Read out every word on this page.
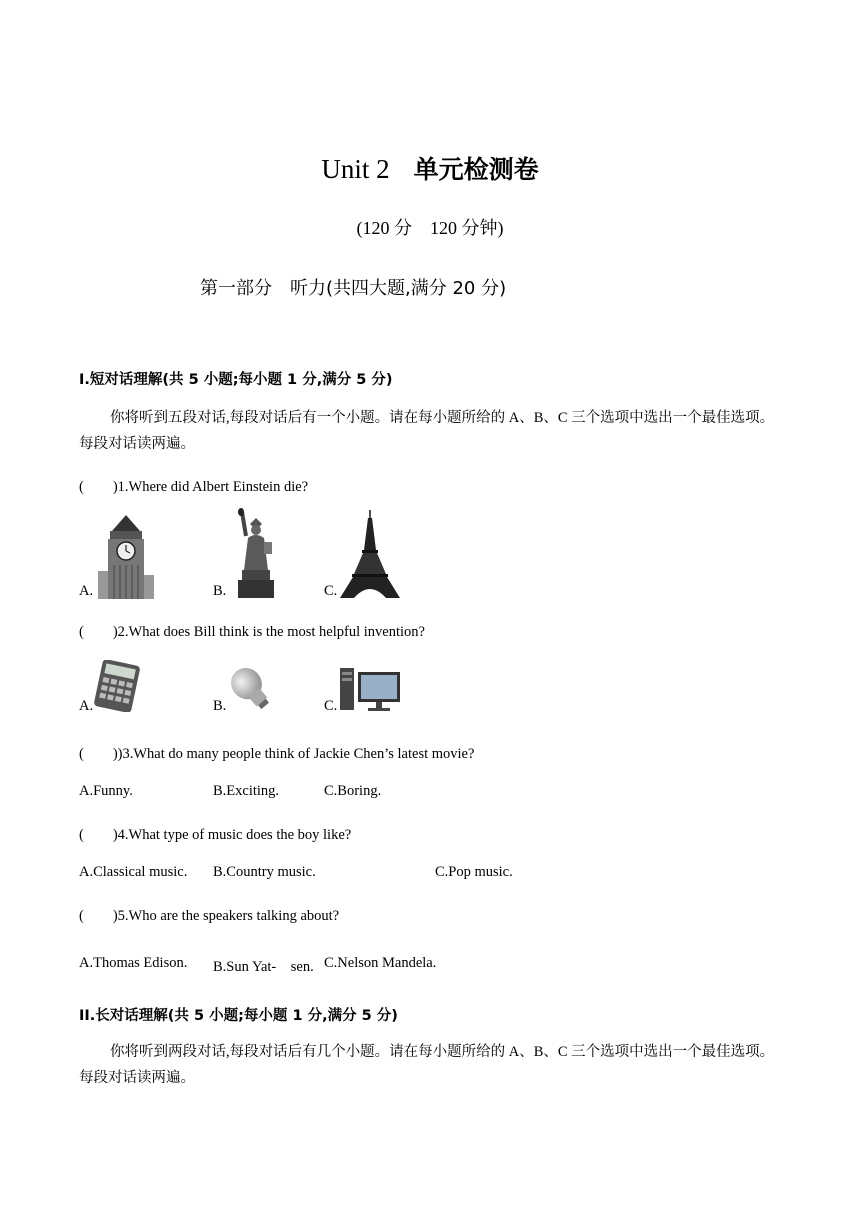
Unit 2 单元检测卷
(120 分　120 分钟)
第一部分　听力(共四大题,满分 20 分)
I.短对话理解(共 5 小题;每小题 1 分,满分 5 分)
你将听到五段对话,每段对话后有一个小题。请在每小题所给的 A、B、C 三个选项中选出一个最佳选项。每段对话读两遍。
(　　)1.Where did Albert Einstein die?
A.	B.	C.
(　　)2.What does Bill think is the most helpful invention?
A.	B.	C.
(　　))3.What do many people think of Jackie Chen’s latest movie?
A.Funny.	B.Exciting.	C.Boring.
(　　)4.What type of music does the boy like?
A.Classical music. B.Country music.	C.Pop music.
(　　)5.Who are the speakers talking about?
A.Thomas Edison. B.Sun Yat-　sen. C.Nelson Mandela.
II.长对话理解(共 5 小题;每小题 1 分,满分 5 分)
你将听到两段对话,每段对话后有几个小题。请在每小题所给的 A、B、C 三个选项中选出一个最佳选项。每段对话读两遍。
